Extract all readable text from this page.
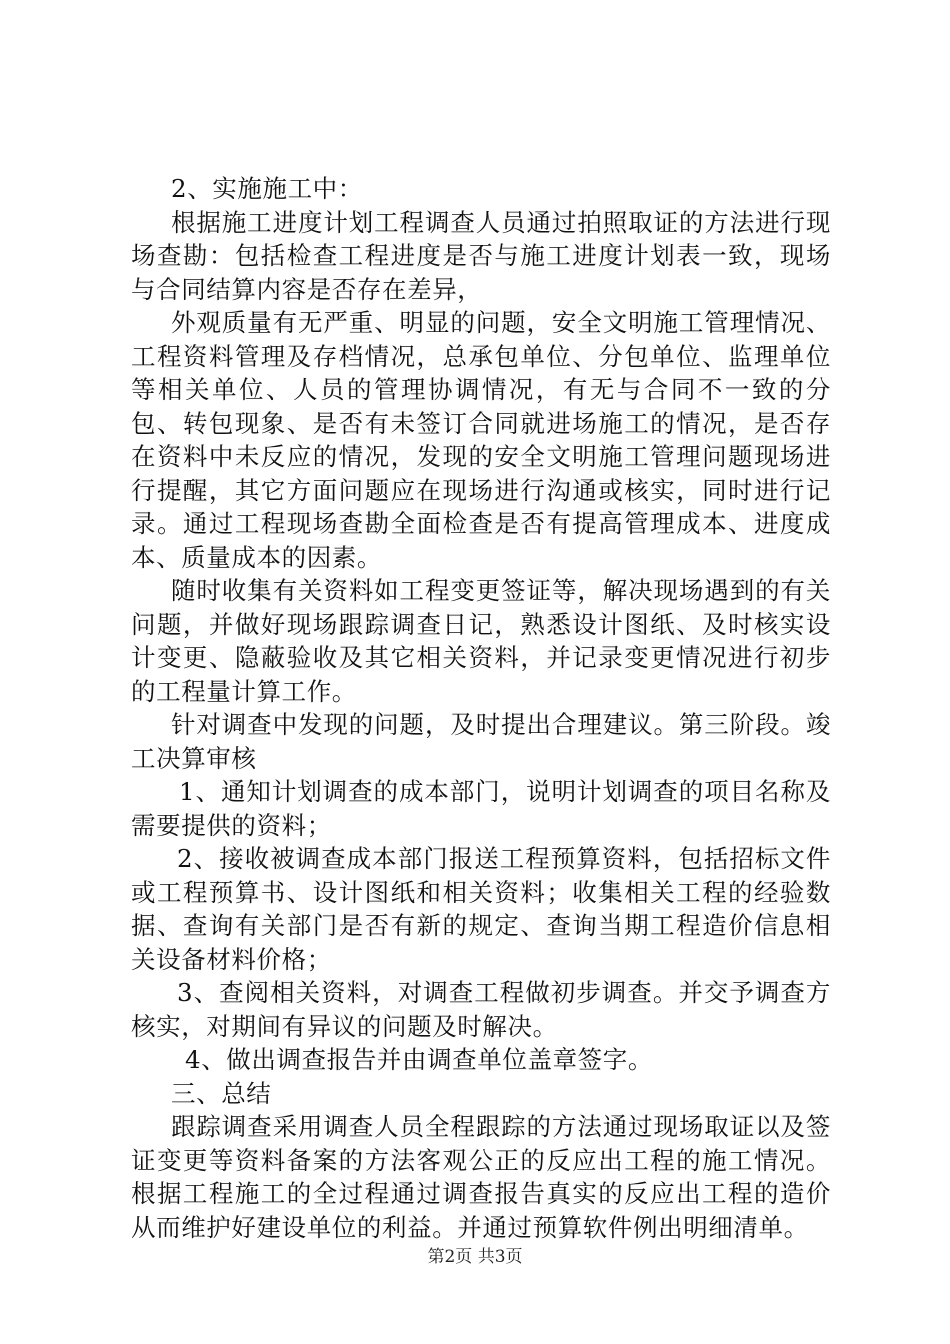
2、实施施工中：

根据施工进度计划工程调查人员通过拍照取证的方法进行现场查勘：包括检查工程进度是否与施工进度计划表一致，现场与合同结算内容是否存在差异，

外观质量有无严重、明显的问题，安全文明施工管理情况、工程资料管理及存档情况，总承包单位、分包单位、监理单位等相关单位、人员的管理协调情况，有无与合同不一致的分包、转包现象、是否有未签订合同就进场施工的情况，是否存在资料中未反应的情况，发现的安全文明施工管理问题现场进行提醒，其它方面问题应在现场进行沟通或核实，同时进行记录。通过工程现场查勘全面检查是否有提高管理成本、进度成本、质量成本的因素。

随时收集有关资料如工程变更签证等，解决现场遇到的有关问题，并做好现场跟踪调查日记，熟悉设计图纸、及时核实设计变更、隐蔽验收及其它相关资料，并记录变更情况进行初步的工程量计算工作。

针对调查中发现的问题，及时提出合理建议。第三阶段。竣工决算审核

1、通知计划调查的成本部门，说明计划调查的项目名称及需要提供的资料；

2、接收被调查成本部门报送工程预算资料，包括招标文件或工程预算书、设计图纸和相关资料；收集相关工程的经验数据、查询有关部门是否有新的规定、查询当期工程造价信息相关设备材料价格；

3、查阅相关资料，对调查工程做初步调查。并交予调查方核实，对期间有异议的问题及时解决。

4、做出调查报告并由调查单位盖章签字。

三、总结

跟踪调查采用调查人员全程跟踪的方法通过现场取证以及签证变更等资料备案的方法客观公正的反应出工程的施工情况。根据工程施工的全过程通过调查报告真实的反应出工程的造价从而维护好建设单位的利益。并通过预算软件例出明细清单。

第2页 共3页
